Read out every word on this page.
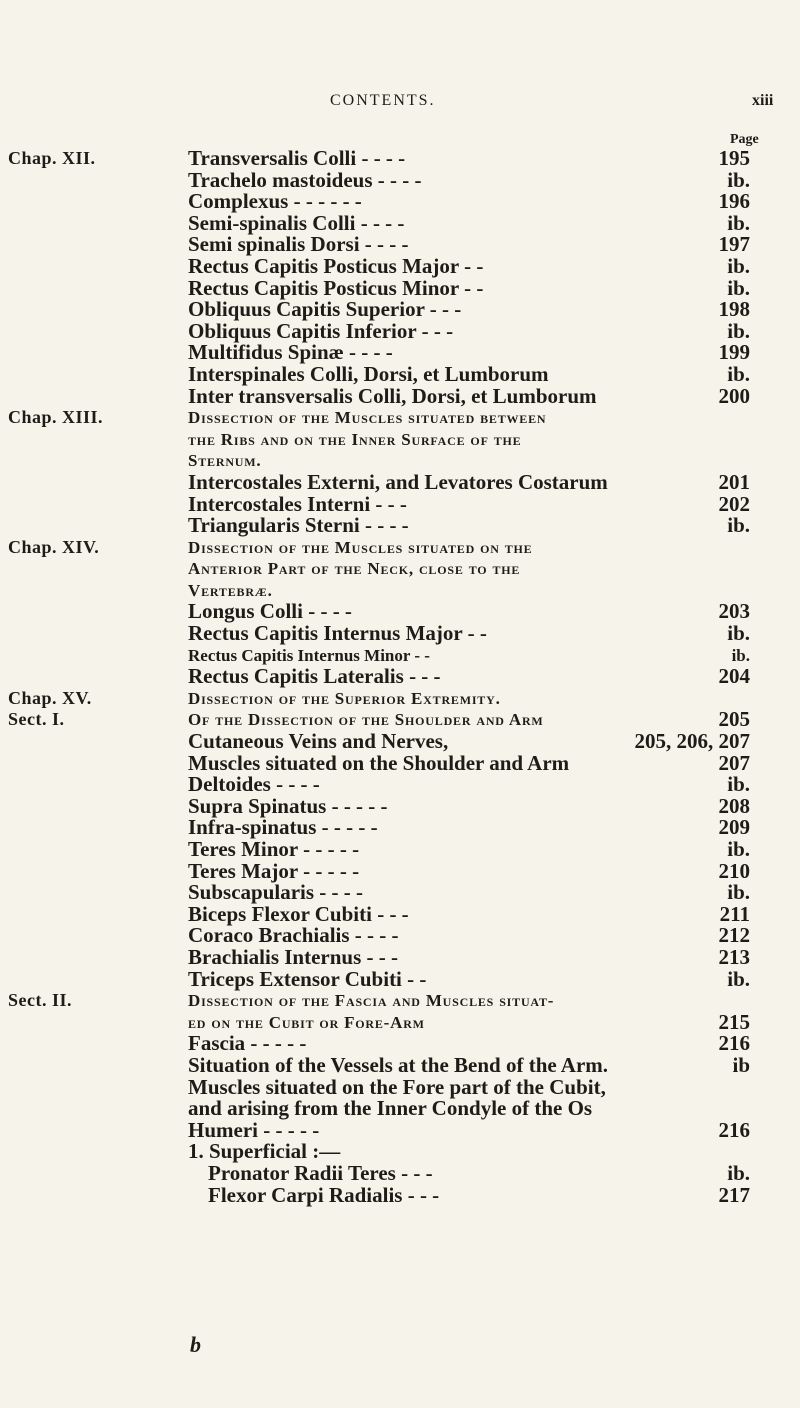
CONTENTS.	xiii
Page
Chap. XII.	Transversalis Colli - - - -	195
Trachelo mastoideus - - - -	ib.
Complexus - - - - - -	196
Semi-spinalis Colli - - - -	ib.
Semi spinalis Dorsi - - - -	197
Rectus Capitis Posticus Major - -	ib.
Rectus Capitis Posticus Minor - -	ib.
Obliquus Capitis Superior - - -	198
Obliquus Capitis Inferior - - -	ib.
Multifidus Spinæ - - - -	199
Interspinales Colli, Dorsi, et Lumborum	ib.
Inter transversalis Colli, Dorsi, et Lumborum	200
Chap. XIII.	Dissection of the Muscles situated between
the Ribs and on the Inner Surface of the
Sternum.
Intercostales Externi, and Levatores Costarum	201
Intercostales Interni - - -	202
Triangularis Sterni - - - -	ib.
Chap. XIV.	Dissection of the Muscles situated on the
Anterior Part of the Neck, close to the
Vertebræ.
Longus Colli - - - -	203
Rectus Capitis Internus Major - -	ib.
Rectus Capitis Internus Minor - -	ib.
Rectus Capitis Lateralis - - -	204
Chap. XV.	Dissection of the Superior Extremity.
Sect. I.	Of the Dissection of the Shoulder and Arm	205
Cutaneous Veins and Nerves,	205, 206, 207
Muscles situated on the Shoulder and Arm	207
Deltoides - - - -	ib.
Supra Spinatus - - - - -	208
Infra-spinatus - - - - -	209
Teres Minor - - - - -	ib.
Teres Major - - - - -	210
Subscapularis - - - -	ib.
Biceps Flexor Cubiti - - -	211
Coraco Brachialis - - - -	212
Brachialis Internus - - -	213
Triceps Extensor Cubiti - -	ib.
Sect. II.	Dissection of the Fascia and Muscles situat-
ed on the Cubit or Fore-Arm	215
Fascia - - - - -	216
Situation of the Vessels at the Bend of the Arm.	ib
Muscles situated on the Fore part of the Cubit,
and arising from the Inner Condyle of the Os
Humeri - - - - -	216
1. Superficial :—
Pronator Radii Teres - - -	ib.
Flexor Carpi Radialis - - -	217
b
